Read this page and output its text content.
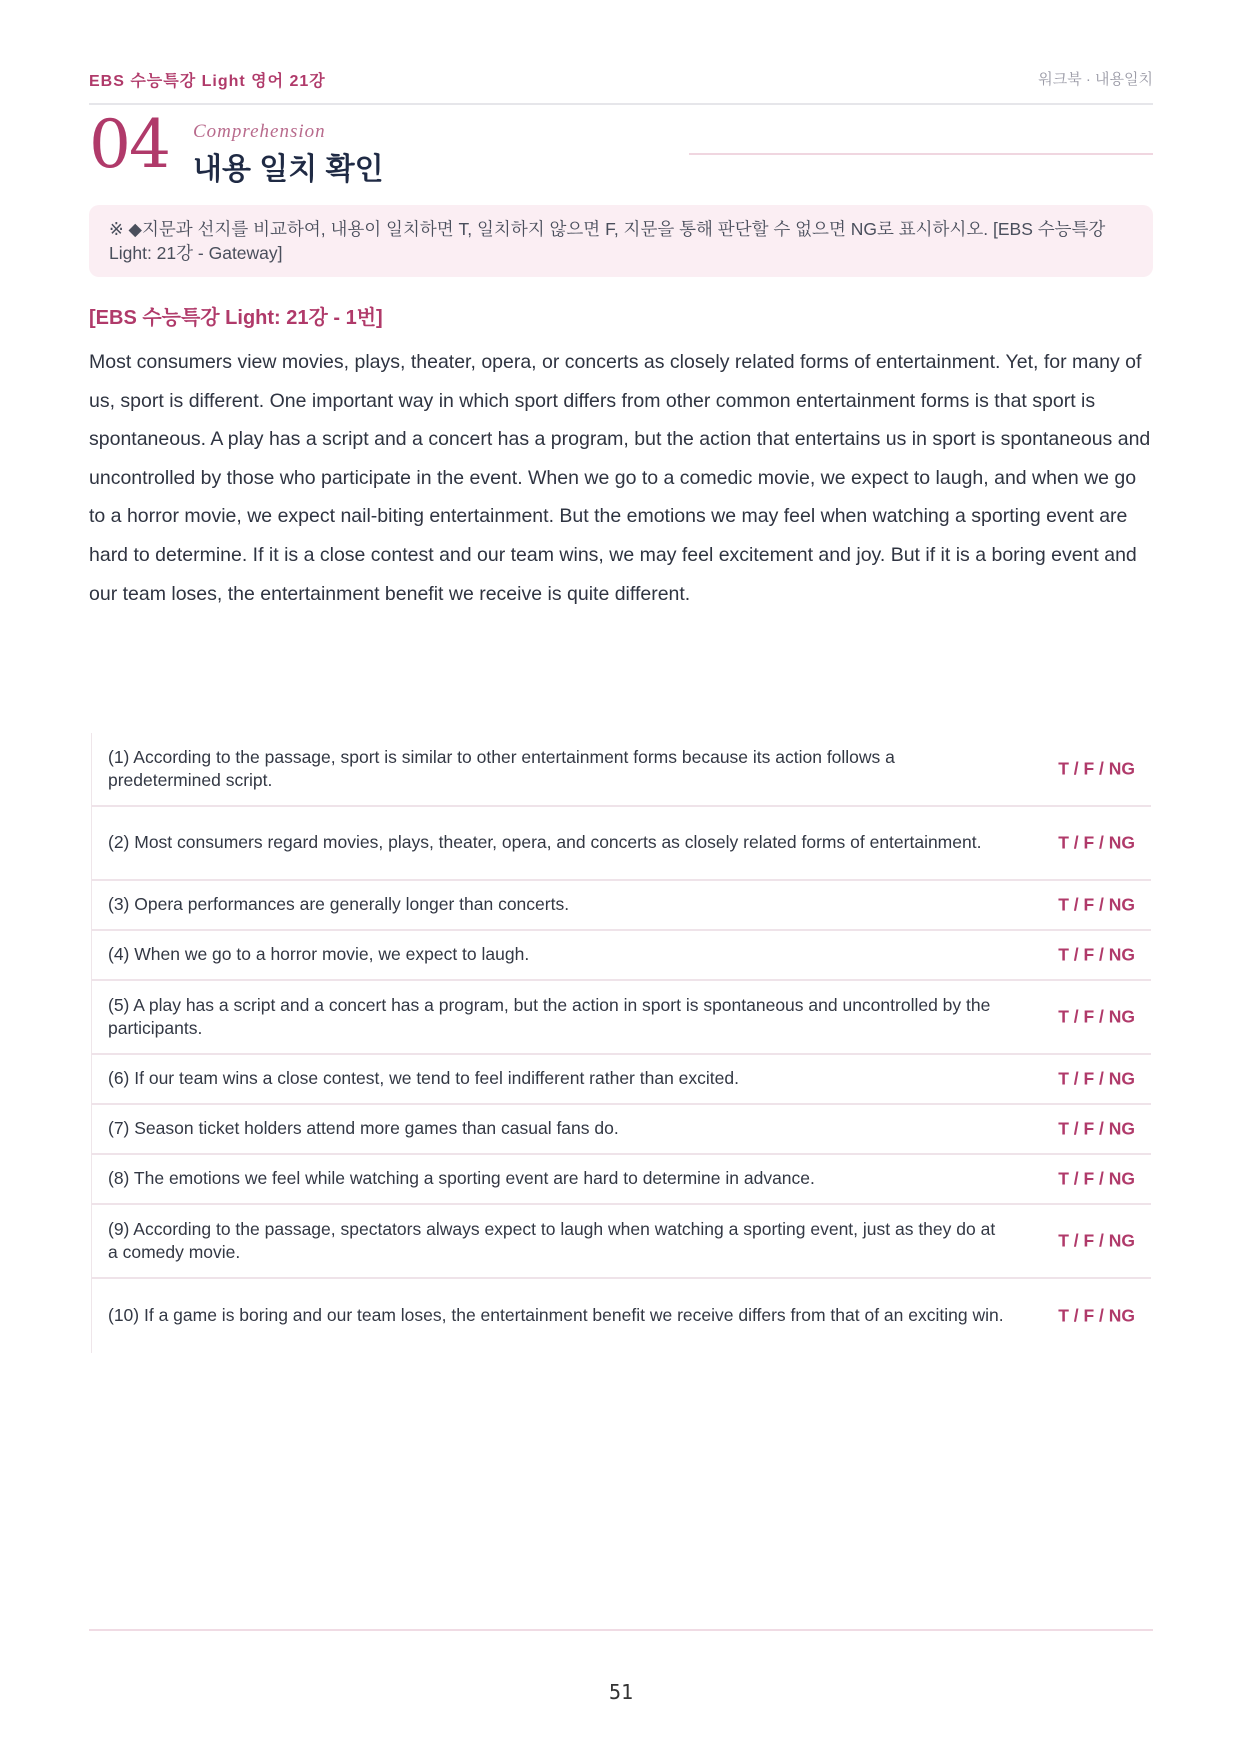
EBS 수능특강 Light 영어 21강	워크북 · 내용일치
04 Comprehension
내용 일치 확인
※ ◆지문과 선지를 비교하여, 내용이 일치하면 T, 일치하지 않으면 F, 지문을 통해 판단할 수 없으면 NG로 표시하시오. [EBS 수능특강 Light: 21강 - Gateway]
[EBS 수능특강 Light: 21강 - 1번]

Most consumers view movies, plays, theater, opera, or concerts as closely related forms of entertainment. Yet, for many of us, sport is different. One important way in which sport differs from other common entertainment forms is that sport is spontaneous. A play has a script and a concert has a program, but the action that entertains us in sport is spontaneous and uncontrolled by those who participate in the event. When we go to a comedic movie, we expect to laugh, and when we go to a horror movie, we expect nail-biting entertainment. But the emotions we may feel when watching a sporting event are hard to determine. If it is a close contest and our team wins, we may feel excitement and joy. But if it is a boring event and our team loses, the entertainment benefit we receive is quite different.

(1) According to the passage, sport is similar to other entertainment forms because its action follows a predetermined script.
T / F / NG
(2) Most consumers regard movies, plays, theater, opera, and concerts as closely related forms of entertainment.	T / F / NG
(3) Opera performances are generally longer than concerts.	T / F / NG
(4) When we go to a horror movie, we expect to laugh.	T / F / NG
(5) A play has a script and a concert has a program, but the action in sport is spontaneous and uncontrolled by the participants.
T / F / NG
(6) If our team wins a close contest, we tend to feel indifferent rather than excited.	T / F / NG
(7) Season ticket holders attend more games than casual fans do.	T / F / NG
(8) The emotions we feel while watching a sporting event are hard to determine in advance.	T / F / NG
(9) According to the passage, spectators always expect to laugh when watching a sporting event, just as they do at a comedy movie.
T / F / NG
(10) If a game is boring and our team loses, the entertainment benefit we receive differs from that of an exciting win.	T / F / NG
51
